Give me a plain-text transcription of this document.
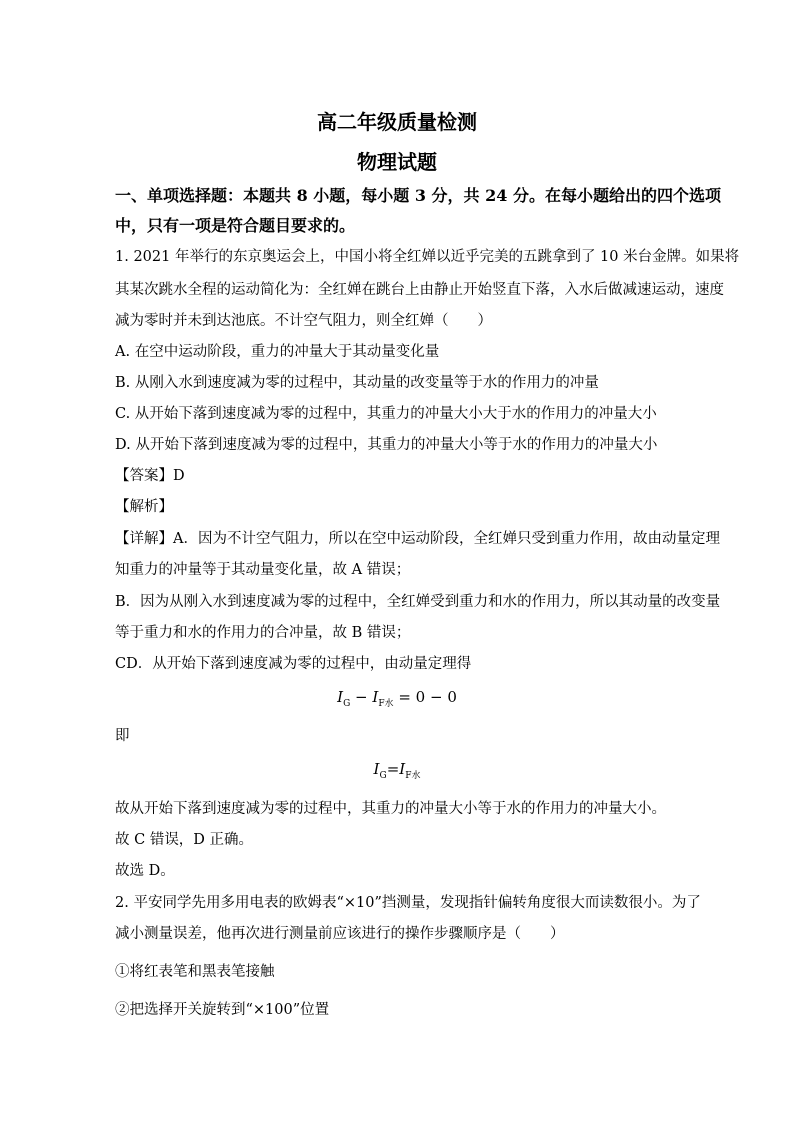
高二年级质量检测
物理试题
一、单项选择题：本题共 8 小题，每小题 3 分，共 24 分。在每小题给出的四个选项
中，只有一项是符合题目要求的。
1. 2021 年举行的东京奥运会上，中国小将全红婵以近乎完美的五跳拿到了 10 米台金牌。如果将
其某次跳水全程的运动简化为：全红婵在跳台上由静止开始竖直下落，入水后做减速运动，速度
减为零时并未到达池底。不计空气阻力，则全红婵（　　）
A. 在空中运动阶段，重力的冲量大于其动量变化量
B. 从刚入水到速度减为零的过程中，其动量的改变量等于水的作用力的冲量
C. 从开始下落到速度减为零的过程中，其重力的冲量大小大于水的作用力的冲量大小
D. 从开始下落到速度减为零的过程中，其重力的冲量大小等于水的作用力的冲量大小
【答案】D
【解析】
【详解】A．因为不计空气阻力，所以在空中运动阶段，全红婵只受到重力作用，故由动量定理
知重力的冲量等于其动量变化量，故 A 错误；
B．因为从刚入水到速度减为零的过程中，全红婵受到重力和水的作用力，所以其动量的改变量
等于重力和水的作用力的合冲量，故 B 错误；
CD．从开始下落到速度减为零的过程中，由动量定理得
$I_G - I_{F水} = 0 - 0$
即
$I_G=I_{F水}$
故从开始下落到速度减为零的过程中，其重力的冲量大小等于水的作用力的冲量大小。
故 C 错误，D 正确。
故选 D。
2. 平安同学先用多用电表的欧姆表“×10”挡测量，发现指针偏转角度很大而读数很小。为了
减小测量误差，他再次进行测量前应该进行的操作步骤顺序是（　　）
①将红表笔和黑表笔接触
②把选择开关旋转到“×100”位置
